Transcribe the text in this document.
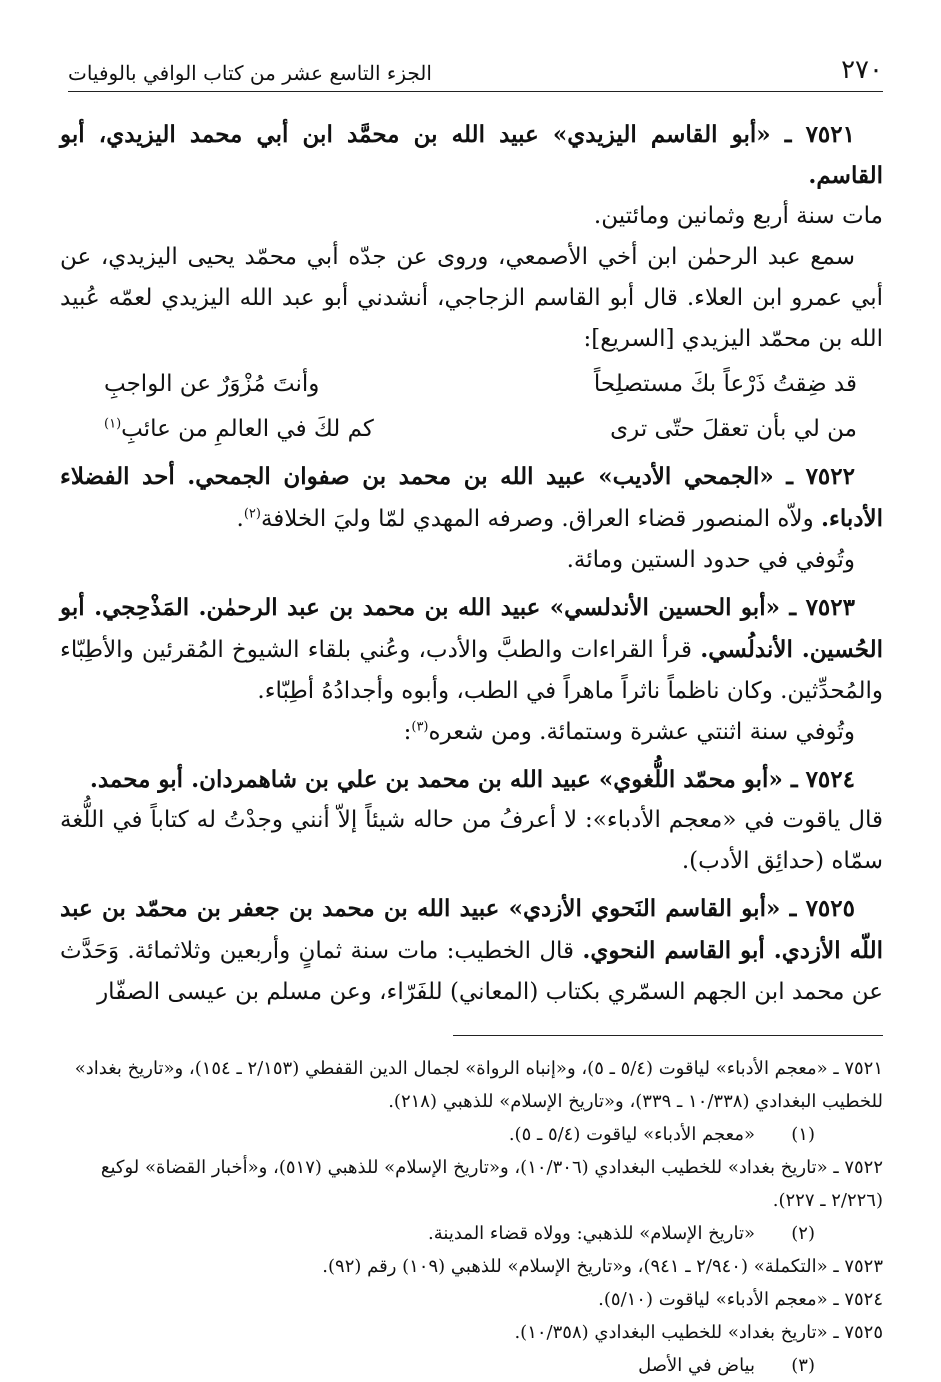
٢٧٠
الجزء التاسع عشر من كتاب الوافي بالوفيات

٧٥٢١ ـ «أبو القاسم اليزيدي» عبيد الله بن محمَّد ابن أبي محمد اليزيدي، أبو القاسم.

مات سنة أربع وثمانين ومائتين.

سمع عبد الرحمٰن ابن أخي الأصمعي، وروى عن جدّه أبي محمّد يحيى اليزيدي، عن أبي عمرو ابن العلاء. قال أبو القاسم الزجاجي، أنشدني أبو عبد الله اليزيدي لعمّه عُبيد الله بن محمّد اليزيدي [السريع]:

قد ضِقتُ ذَرْعاً بكَ مستصلِحاً
وأنتَ مُزْوَرٌ عن الواجبِ
من لي بأن تعقلَ حتّى ترى
كم لكَ في العالمِ من عائبِ$^{(١)}$

٧٥٢٢ ـ «الجمحي الأديب» عبيد الله بن محمد بن صفوان الجمحي. أحد الفضلاء الأدباء. ولاّه المنصور قضاء العراق. وصرفه المهدي لمّا وليَ الخلافة$^{(٢)}$.

وتُوفي في حدود الستين ومائة.

٧٥٢٣ ـ «أبو الحسين الأندلسي» عبيد الله بن محمد بن عبد الرحمٰن. المَذْحِجي. أبو الحُسين. الأندلُسي. قرأ القراءات والطبَّ والأدب، وعُني بلقاء الشيوخ المُقرئين والأطِبّاء والمُحدِّثين. وكان ناظماً ناثراً ماهراً في الطب، وأبوه وأجدادُهُ أطِبّاء.

وتُوفي سنة اثنتي عشرة وستمائة. ومن شعره$^{(٣)}$:

٧٥٢٤ ـ «أبو محمّد اللُّغوي» عبيد الله بن محمد بن علي بن شاهمردان. أبو محمد.

قال ياقوت في «معجم الأدباء»: لا أعرفُ من حاله شيئاً إلاّ أنني وجدْتُ له كتاباً في اللُّغة سمّاه (حدائِق الأدب).

٧٥٢٥ ـ «أبو القاسم النَحوي الأزدي» عبيد الله بن محمد بن جعفر بن محمّد بن عبد اللّه الأزدي. أبو القاسم النحوي. قال الخطيب: مات سنة ثمانٍ وأربعين وثلاثمائة. وَحَدَّث عن محمد ابن الجهم السمّري بكتاب (المعاني) للفَرّاء، وعن مسلم بن عيسى الصفّار

٧٥٢١ ـ «معجم الأدباء» لياقوت (٥/٤ ـ ٥)، و«إنباه الرواة» لجمال الدين القفطي (٢/١٥٣ ـ ١٥٤)، و«تاريخ بغداد» للخطيب البغدادي (١٠/٣٣٨ ـ ٣٣٩)، و«تاريخ الإسلام» للذهبي (٢١٨).

(١)«معجم الأدباء» لياقوت (٥/٤ ـ ٥).

٧٥٢٢ ـ «تاريخ بغداد» للخطيب البغدادي (١٠/٣٠٦)، و«تاريخ الإسلام» للذهبي (٥١٧)، و«أخبار القضاة» لوكيع (٢/٢٢٦ ـ ٢٢٧).

(٢)«تاريخ الإسلام» للذهبي: وولاه قضاء المدينة.

٧٥٢٣ ـ «التكملة» (٢/٩٤٠ ـ ٩٤١)، و«تاريخ الإسلام» للذهبي (١٠٩) رقم (٩٢).

٧٥٢٤ ـ «معجم الأدباء» لياقوت (٥/١٠).

٧٥٢٥ ـ «تاريخ بغداد» للخطيب البغدادي (١٠/٣٥٨).

(٣)بياض في الأصل
